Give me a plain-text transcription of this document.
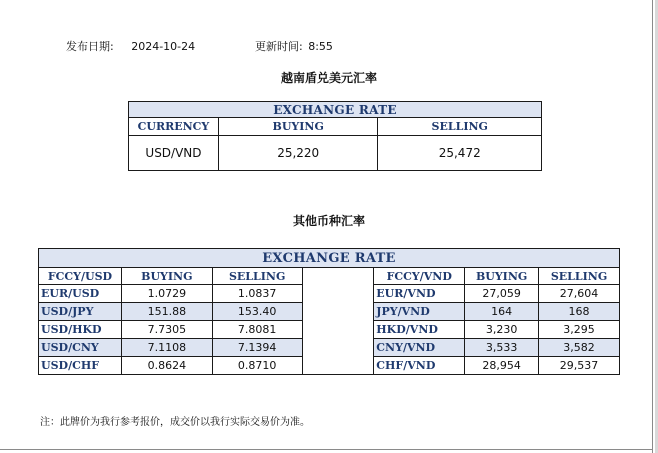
发布日期: 2024-10-24	更新时间: 8:55
越南盾兑美元汇率
EXCHANGE RATE		
CURRENCY	BUYING	SELLING
USD/VND	25,220	25,472
其他币种汇率
EXCHANGE RATE						
FCCY/USD	BUYING	SELLING		FCCY/VND	BUYING	SELLING
EUR/USD	1.0729	1.0837		EUR/VND	27,059	27,604
USD/JPY	151.88	153.40		JPY/VND	164	168
USD/HKD	7.7305	7.8081		HKD/VND	3,230	3,295
USD/CNY	7.1108	7.1394		CNY/VND	3,533	3,582
USD/CHF	0.8624	0.8710		CHF/VND	28,954	29,537
注：此牌价为我行参考报价，成交价以我行实际交易价为准。
